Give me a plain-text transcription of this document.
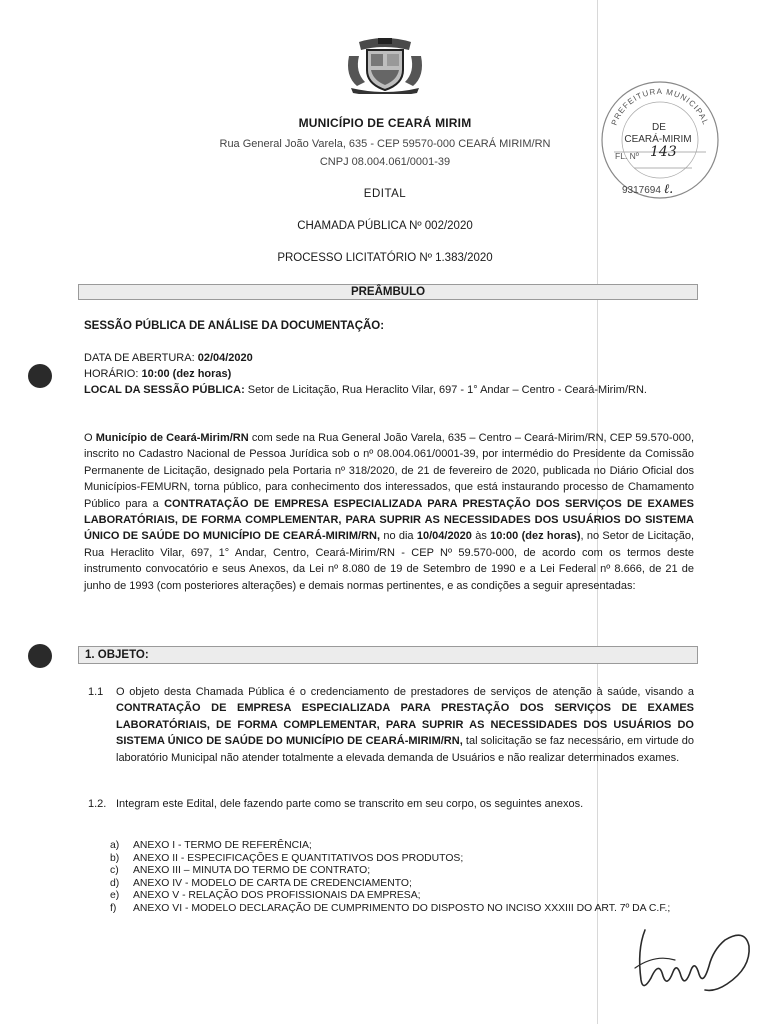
MUNICÍPIO DE CEARÁ MIRIM
Rua General João Varela, 635 - CEP 59570-000 CEARÁ MIRIM/RN
CNPJ 08.004.061/0001-39
EDITAL
CHAMADA PÚBLICA Nº 002/2020
PROCESSO LICITATÓRIO Nº 1.383/2020
PREFEITURA MUNICIPAL
DE
CEARÁ-MIRIM
FL. Nº 143
9317694 ℓ.
PREÂMBULO
SESSÃO PÚBLICA DE ANÁLISE DA DOCUMENTAÇÃO:
DATA DE ABERTURA: 02/04/2020
HORÁRIO: 10:00 (dez horas)
LOCAL DA SESSÃO PÚBLICA: Setor de Licitação, Rua Heraclito Vilar, 697 - 1° Andar – Centro - Ceará-Mirim/RN.
O Município de Ceará-Mirim/RN com sede na Rua General João Varela, 635 – Centro – Ceará-Mirim/RN, CEP 59.570-000, inscrito no Cadastro Nacional de Pessoa Jurídica sob o nº 08.004.061/0001-39, por intermédio do Presidente da Comissão Permanente de Licitação, designado pela Portaria nº 318/2020, de 21 de fevereiro de 2020, publicada no Diário Oficial dos Municípios-FEMURN, torna público, para conhecimento dos interessados, que está instaurando processo de Chamamento Público para a CONTRATAÇÃO DE EMPRESA ESPECIALIZADA PARA PRESTAÇÃO DOS SERVIÇOS DE EXAMES LABORATÓRIAIS, DE FORMA COMPLEMENTAR, PARA SUPRIR AS NECESSIDADES DOS USUÁRIOS DO SISTEMA ÚNICO DE SAÚDE DO MUNICÍPIO DE CEARÁ-MIRIM/RN, no dia 10/04/2020 às 10:00 (dez horas), no Setor de Licitação, Rua Heraclito Vilar, 697, 1° Andar, Centro, Ceará-Mirim/RN - CEP Nº 59.570-000, de acordo com os termos deste instrumento convocatório e seus Anexos, da Lei nº 8.080 de 19 de Setembro de 1990 e a Lei Federal nº 8.666, de 21 de junho de 1993 (com posteriores alterações) e demais normas pertinentes, e as condições a seguir apresentadas:
1. OBJETO:
1.1 O objeto desta Chamada Pública é o credenciamento de prestadores de serviços de atenção à saúde, visando a CONTRATAÇÃO DE EMPRESA ESPECIALIZADA PARA PRESTAÇÃO DOS SERVIÇOS DE EXAMES LABORATÓRIAIS, DE FORMA COMPLEMENTAR, PARA SUPRIR AS NECESSIDADES DOS USUÁRIOS DO SISTEMA ÚNICO DE SAÚDE DO MUNICÍPIO DE CEARÁ-MIRIM/RN, tal solicitação se faz necessário, em virtude do laboratório Municipal não atender totalmente a elevada demanda de Usuários e não realizar determinados exames.
1.2. Integram este Edital, dele fazendo parte como se transcrito em seu corpo, os seguintes anexos.
a)	ANEXO I - TERMO DE REFERÊNCIA;
b)	ANEXO II - ESPECIFICAÇÕES E QUANTITATIVOS DOS PRODUTOS;
c)	ANEXO III – MINUTA DO TERMO DE CONTRATO;
d)	ANEXO IV - MODELO DE CARTA DE CREDENCIAMENTO;
e)	ANEXO V - RELAÇÃO DOS PROFISSIONAIS DA EMPRESA;
f)	ANEXO VI - MODELO DECLARAÇÃO DE CUMPRIMENTO DO DISPOSTO NO INCISO XXXIII DO ART. 7º DA C.F.;
